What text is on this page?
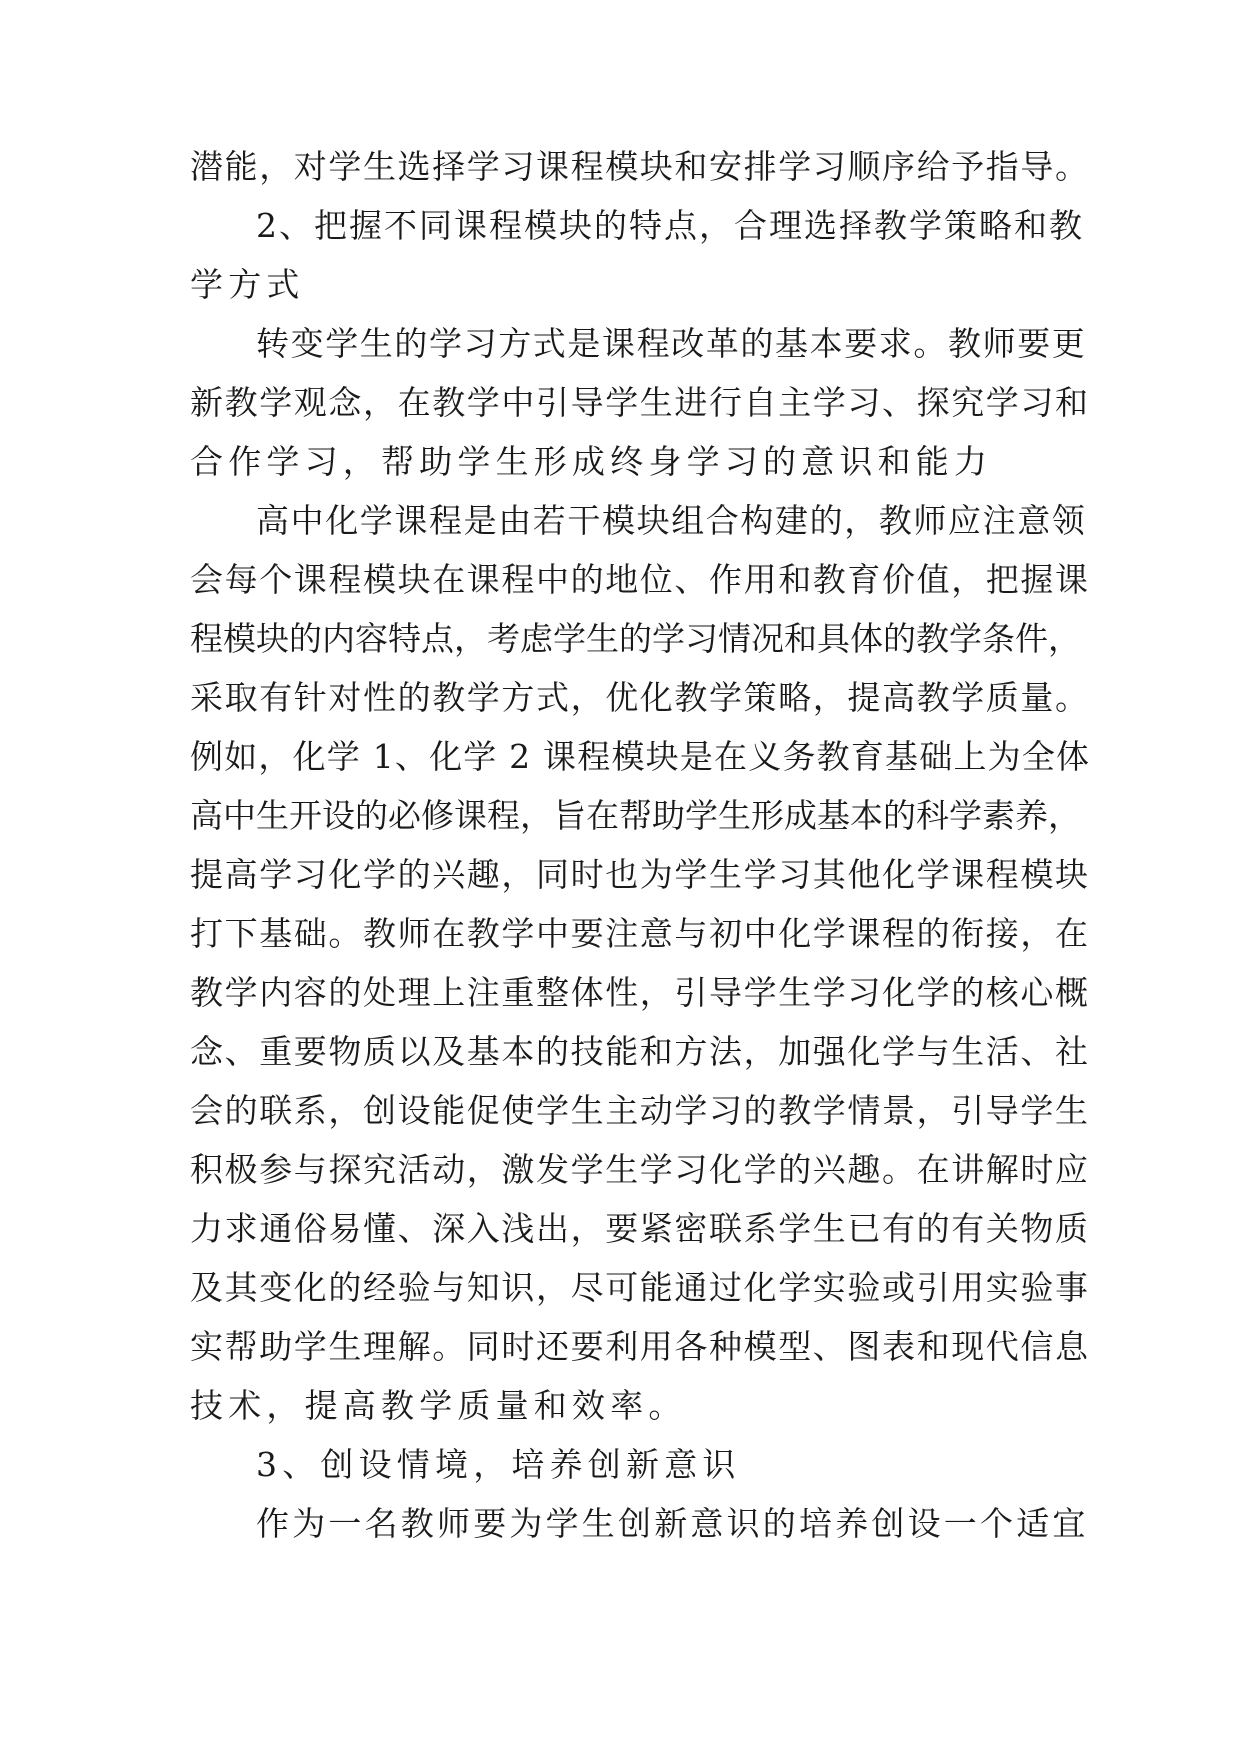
潜能，对学生选择学习课程模块和安排学习顺序给予指导。
2、把握不同课程模块的特点，合理选择教学策略和教
学方式
转变学生的学习方式是课程改革的基本要求。教师要更
新教学观念，在教学中引导学生进行自主学习、探究学习和
合作学习，帮助学生形成终身学习的意识和能力
高中化学课程是由若干模块组合构建的，教师应注意领
会每个课程模块在课程中的地位、作用和教育价值，把握课
程模块的内容特点，考虑学生的学习情况和具体的教学条件，
采取有针对性的教学方式，优化教学策略，提高教学质量。
例如，化学 1、化学 2 课程模块是在义务教育基础上为全体
高中生开设的必修课程，旨在帮助学生形成基本的科学素养，
提高学习化学的兴趣，同时也为学生学习其他化学课程模块
打下基础。教师在教学中要注意与初中化学课程的衔接，在
教学内容的处理上注重整体性，引导学生学习化学的核心概
念、重要物质以及基本的技能和方法，加强化学与生活、社
会的联系，创设能促使学生主动学习的教学情景，引导学生
积极参与探究活动，激发学生学习化学的兴趣。在讲解时应
力求通俗易懂、深入浅出，要紧密联系学生已有的有关物质
及其变化的经验与知识，尽可能通过化学实验或引用实验事
实帮助学生理解。同时还要利用各种模型、图表和现代信息
技术，提高教学质量和效率。
3、创设情境，培养创新意识
作为一名教师要为学生创新意识的培养创设一个适宜
